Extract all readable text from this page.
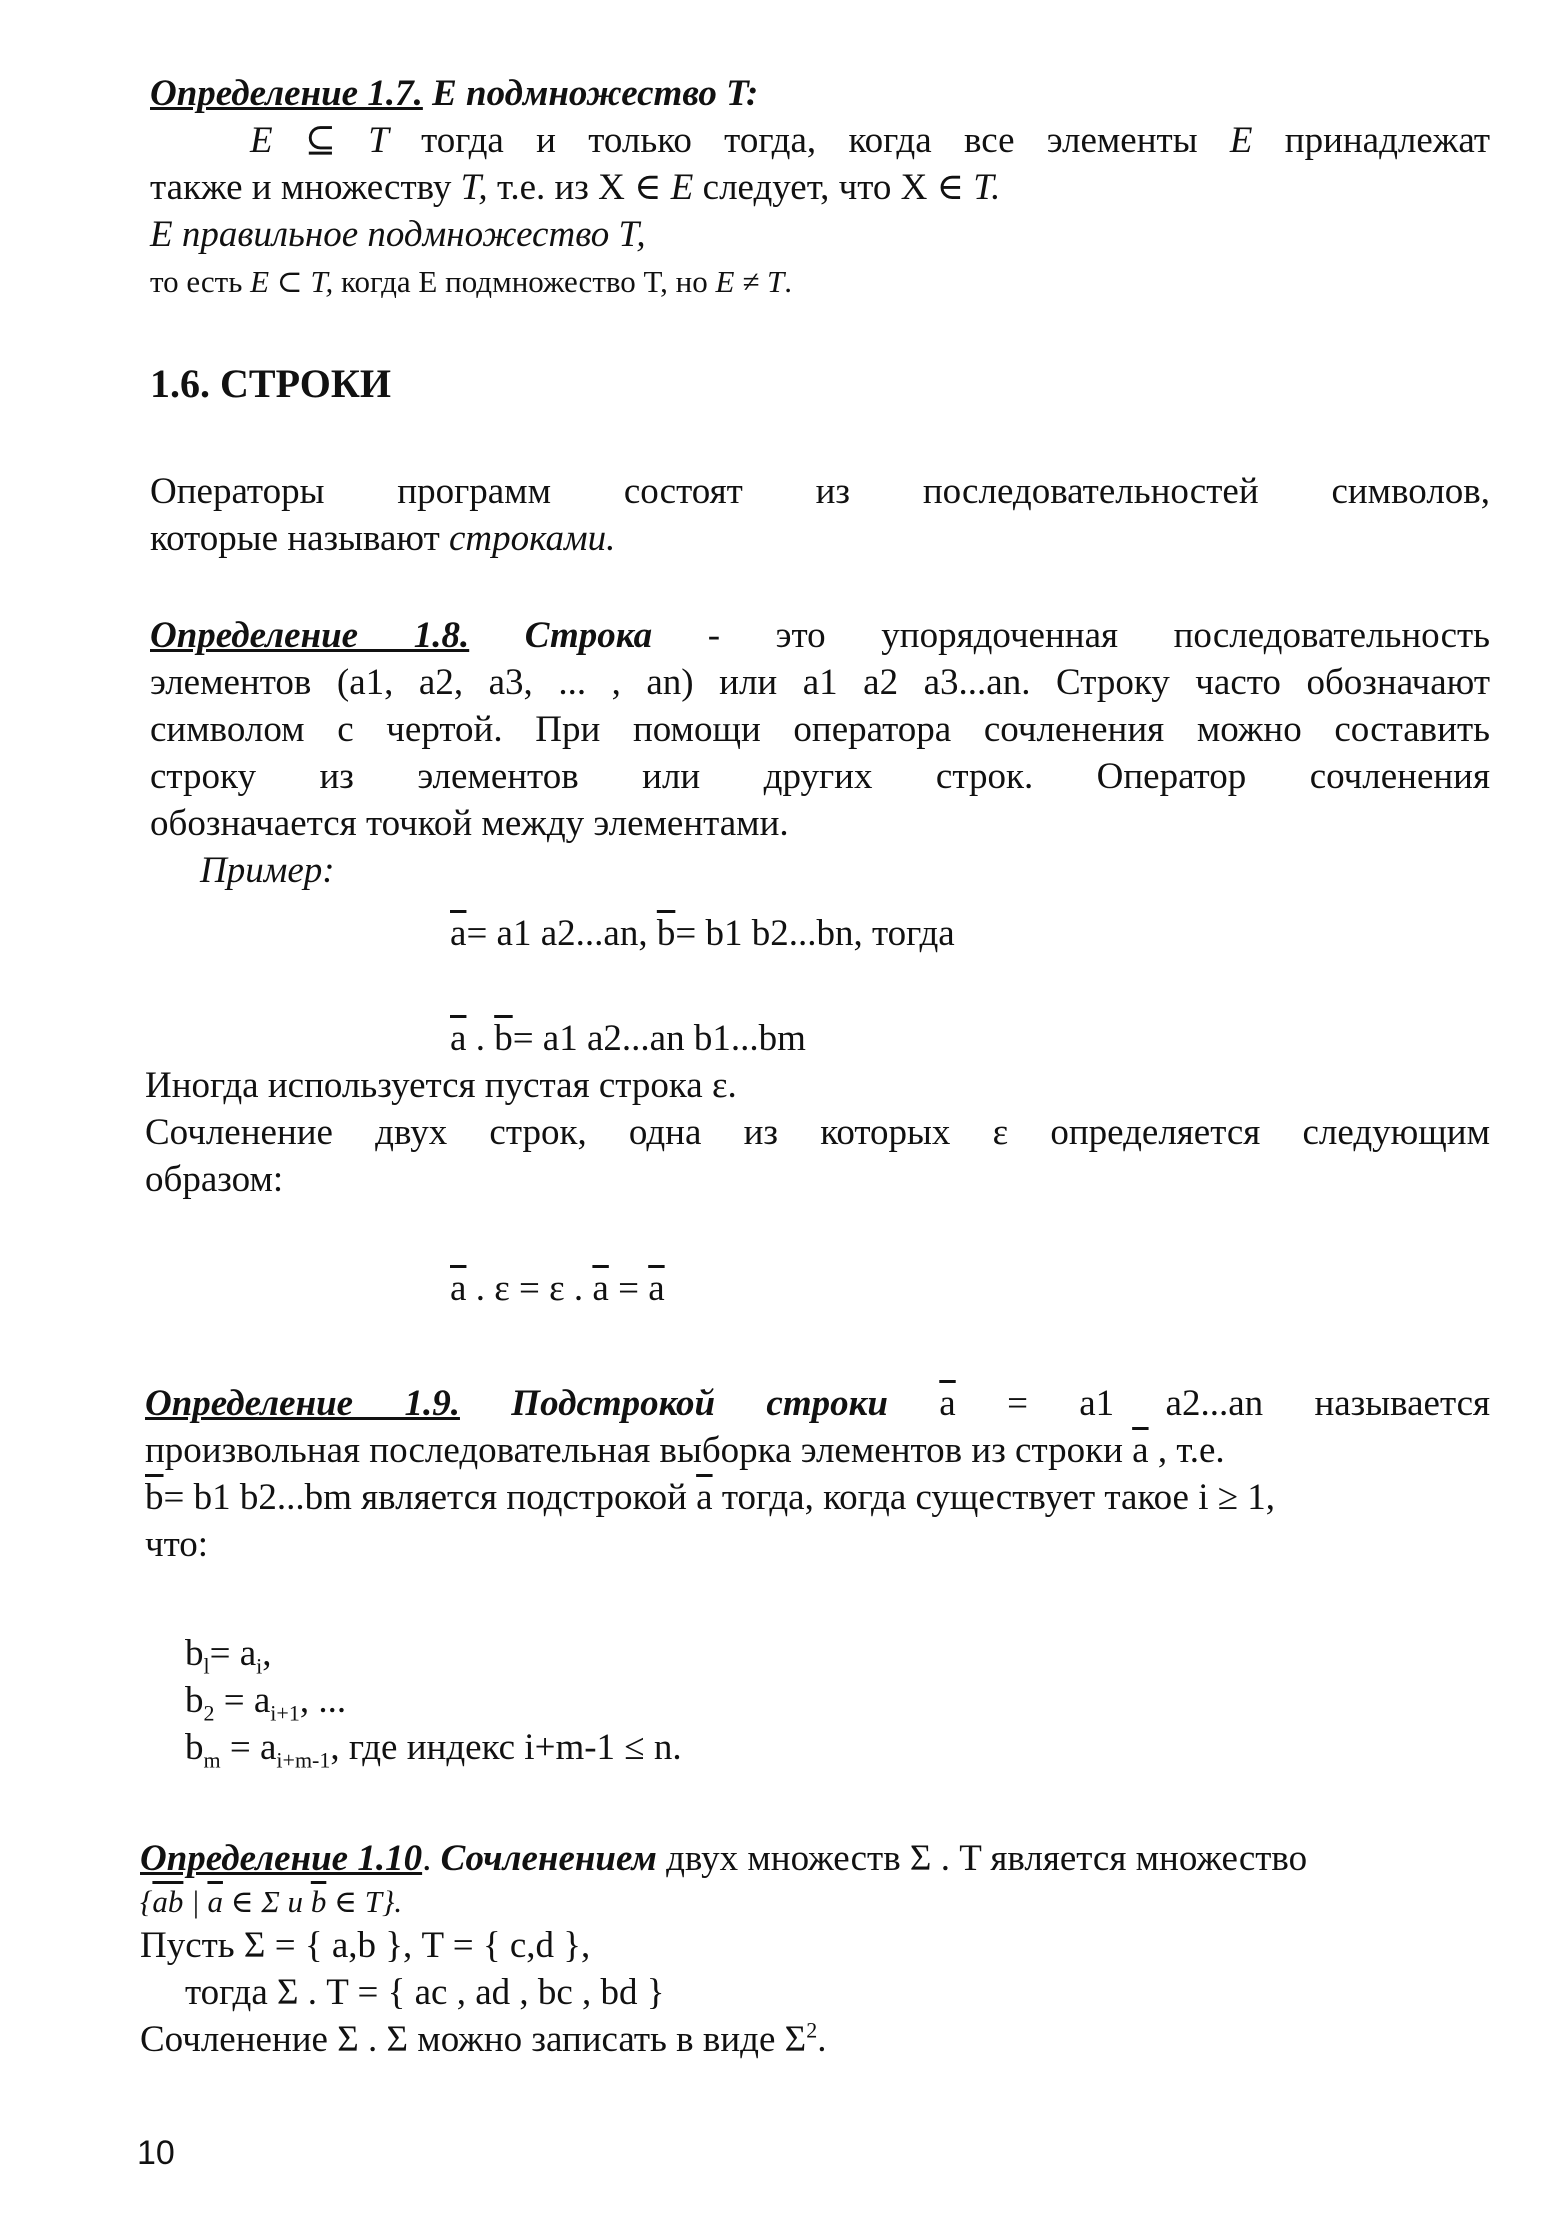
Определение 1.7. E подмножество T:
E ⊆ T тогда и только тогда, когда все элементы E принадлежат
также и множеству T, т.е. из X ∈ E следует, что X ∈ T.
E правильное подмножество T,
то есть E ⊂ T, когда E подмножество T, но E ≠ T.
1.6. СТРОКИ
Операторы программ состоят из последовательностей символов,
которые называют строками.
Определение 1.8. Строка - это упорядоченная последовательность
элементов (a1, a2, a3, ... , an) или a1 a2 a3...an. Строку часто обозначают
символом с чертой. При помощи оператора сочленения можно составить
строку из элементов или других строк. Оператор сочленения
обозначается точкой между элементами.
Пример:
$\overline{a}= a1$ a2...an, $\overline{b}= b1$ b2...bn, тогда
$\overline{a}$ . $\overline{b}= a1$ a2...an b1...bm
Иногда используется пустая строка ε.
Сочленение двух строк, одна из которых ε определяется следующим
образом:
$\overline{a}$ . ε = ε . $\overline{a} = \overline{a}$
Определение 1.9. Подстрокой строки $\overline{a} = a1$ a2...an называется
произвольная последовательная выборка элементов из строки $\overline{a}$ , т.е.
$\overline{b}= b1$ b2...bm является подстрокой $\overline{a}$ тогда, когда существует такое i ≥ 1,
что:
$b_l= a_i$,
$b_2 = a_{i+1}$, ...
$b_m = a_{i+m-1}$, где индекс i+m-1 ≤ n.
Определение 1.10. Сочленением двух множеств Σ . T является множество
{$\overline{ab}$ | $\overline{a}$ ∈ Σ и $\overline{b}$ ∈ T}.
Пусть Σ = { a,b }, T = { c,d },
тогда Σ . T = { ac , ad , bc , bd }
Сочленение Σ . Σ можно записать в виде $\Sigma^2$.
10
